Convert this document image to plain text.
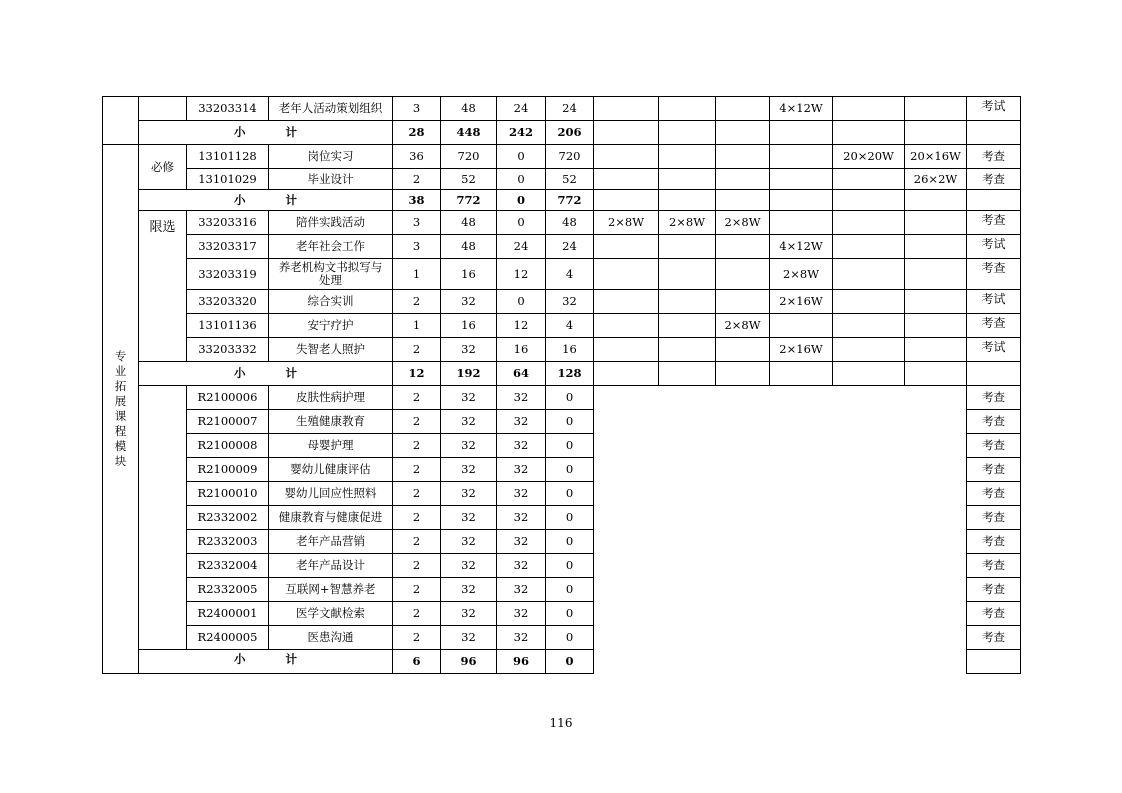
		33203314	老年人活动策划组织	3	48	24	24				4×12W			考试
	小 计			28	448	242	206							
专业拓展课程模块	必修	13101128	岗位实习	36	720	0	720					20×20W	20×16W	考查
		13101029	毕业设计	2	52	0	52						26×2W	考查
	小 计			38	772	0	772							
	限选	33203316	陪伴实践活动	3	48	0	48	2×8W	2×8W	2×8W				考查
		33203317	老年社会工作	3	48	24	24				4×12W			考试
		33203319	养老机构文书拟写与处理	1	16	12	4				2×8W			考查
		33203320	综合实训	2	32	0	32				2×16W			考试
		13101136	安宁疗护	1	16	12	4			2×8W				考查
		33203332	失智老人照护	2	32	16	16				2×16W			考试
	小 计			12	192	64	128							
		R2100006	皮肤性病护理	2	32	32	0							考查
		R2100007	生殖健康教育	2	32	32	0							考查
		R2100008	母婴护理	2	32	32	0							考查
		R2100009	婴幼儿健康评估	2	32	32	0							考查
		R2100010	婴幼儿回应性照料	2	32	32	0							考查
		R2332002	健康教育与健康促进	2	32	32	0							考查
		R2332003	老年产品营销	2	32	32	0							考查
		R2332004	老年产品设计	2	32	32	0							考查
		R2332005	互联网+智慧养老	2	32	32	0							考查
		R2400001	医学文献检索	2	32	32	0							考查
		R2400005	医患沟通	2	32	32	0							考查
	小 计			6	96	96	0							
116
